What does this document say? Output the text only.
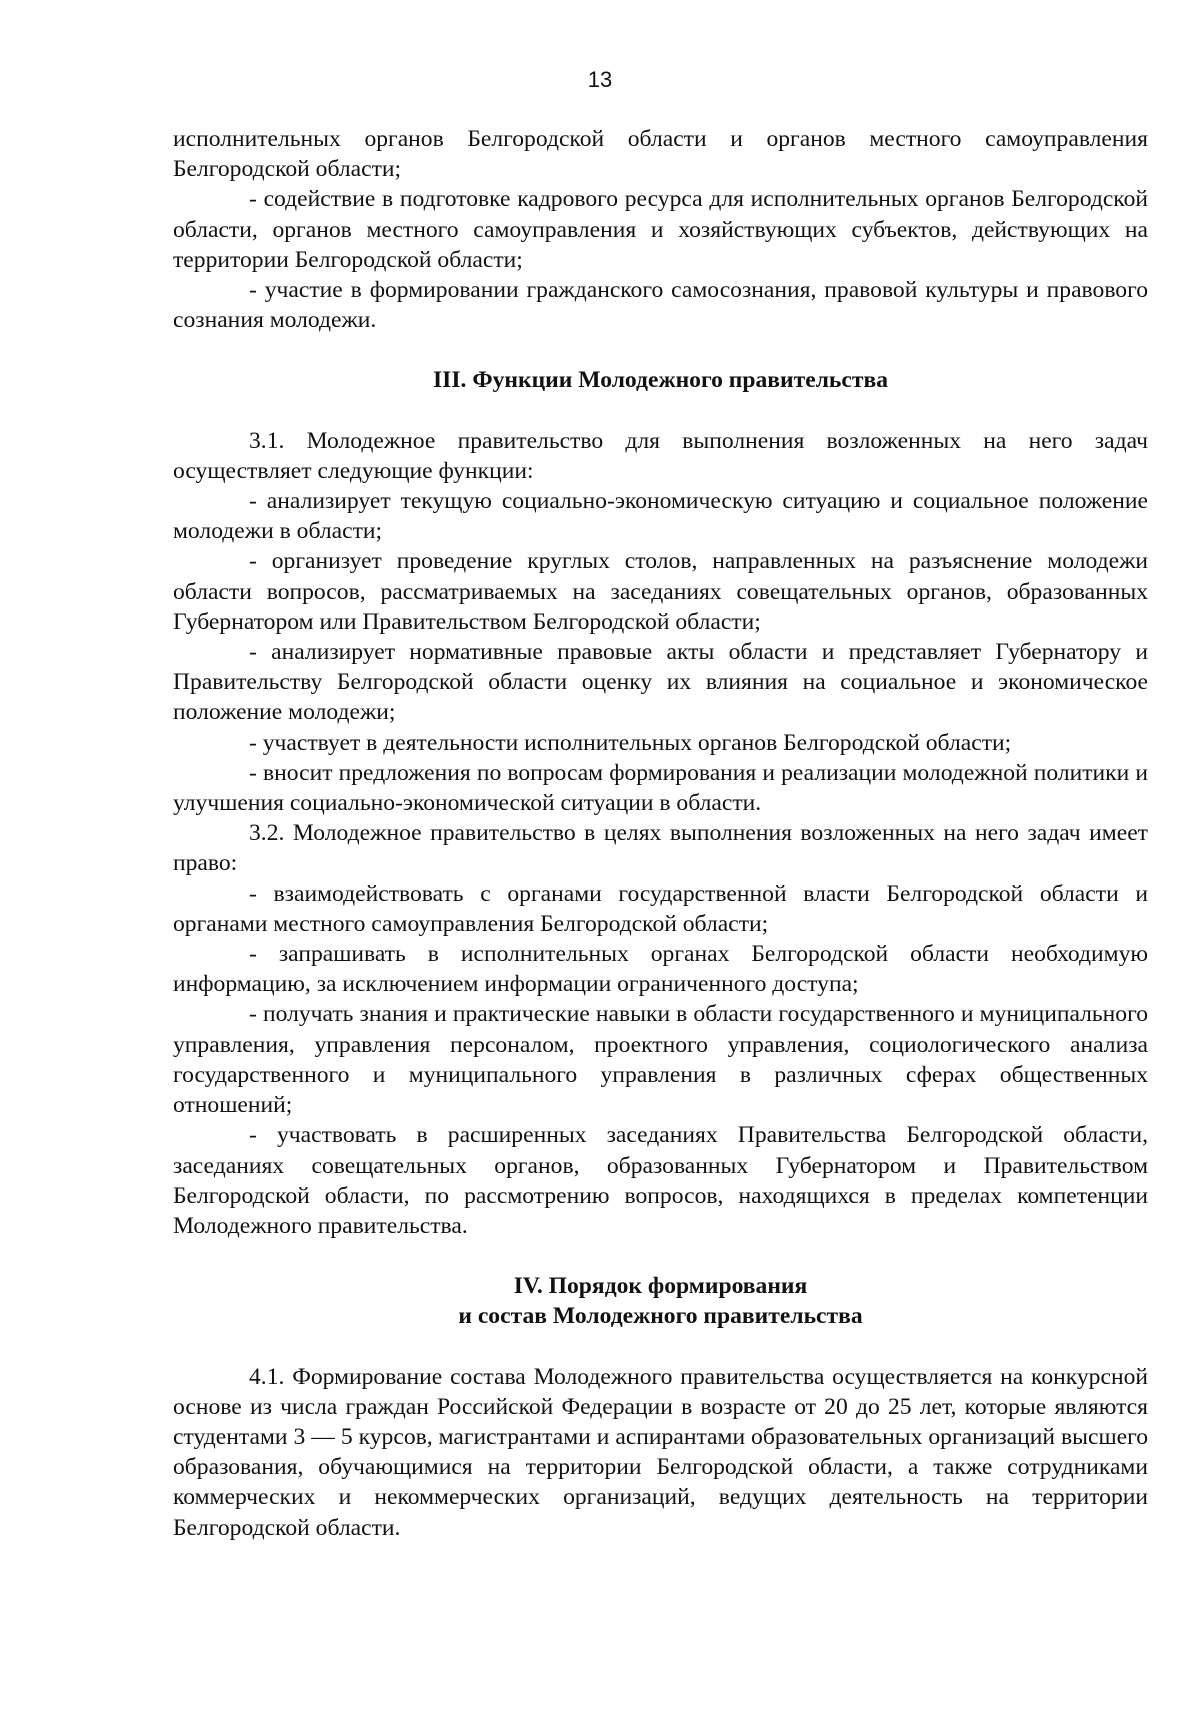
13

исполнительных органов Белгородской области и органов местного самоуправления Белгородской области;

- содействие в подготовке кадрового ресурса для исполнительных органов Белгородской области, органов местного самоуправления и хозяйствующих субъектов, действующих на территории Белгородской области;

- участие в формировании гражданского самосознания, правовой культуры и правового сознания молодежи.

III. Функции Молодежного правительства

3.1. Молодежное правительство для выполнения возложенных на него задач осуществляет следующие функции:

- анализирует текущую социально-экономическую ситуацию и социальное положение молодежи в области;

- организует проведение круглых столов, направленных на разъяснение молодежи области вопросов, рассматриваемых на заседаниях совещательных органов, образованных Губернатором или Правительством Белгородской области;

- анализирует нормативные правовые акты области и представляет Губернатору и Правительству Белгородской области оценку их влияния на социальное и экономическое положение молодежи;

- участвует в деятельности исполнительных органов Белгородской области;

- вносит предложения по вопросам формирования и реализации молодежной политики и улучшения социально-экономической ситуации в области.

3.2. Молодежное правительство в целях выполнения возложенных на него задач имеет право:

- взаимодействовать с органами государственной власти Белгородской области и органами местного самоуправления Белгородской области;

- запрашивать в исполнительных органах Белгородской области необходимую информацию, за исключением информации ограниченного доступа;

- получать знания и практические навыки в области государственного и муниципального управления, управления персоналом, проектного управления, социологического анализа государственного и муниципального управления в различных сферах общественных отношений;

- участвовать в расширенных заседаниях Правительства Белгородской области, заседаниях совещательных органов, образованных Губернатором и Правительством Белгородской области, по рассмотрению вопросов, находящихся в пределах компетенции Молодежного правительства.

IV. Порядок формирования
и состав Молодежного правительства

4.1. Формирование состава Молодежного правительства осуществляется на конкурсной основе из числа граждан Российской Федерации в возрасте от 20 до 25 лет, которые являются студентами 3 — 5 курсов, магистрантами и аспирантами образовательных организаций высшего образования, обучающимися на территории Белгородской области, а также сотрудниками коммерческих и некоммерческих организаций, ведущих деятельность на территории Белгородской области.
